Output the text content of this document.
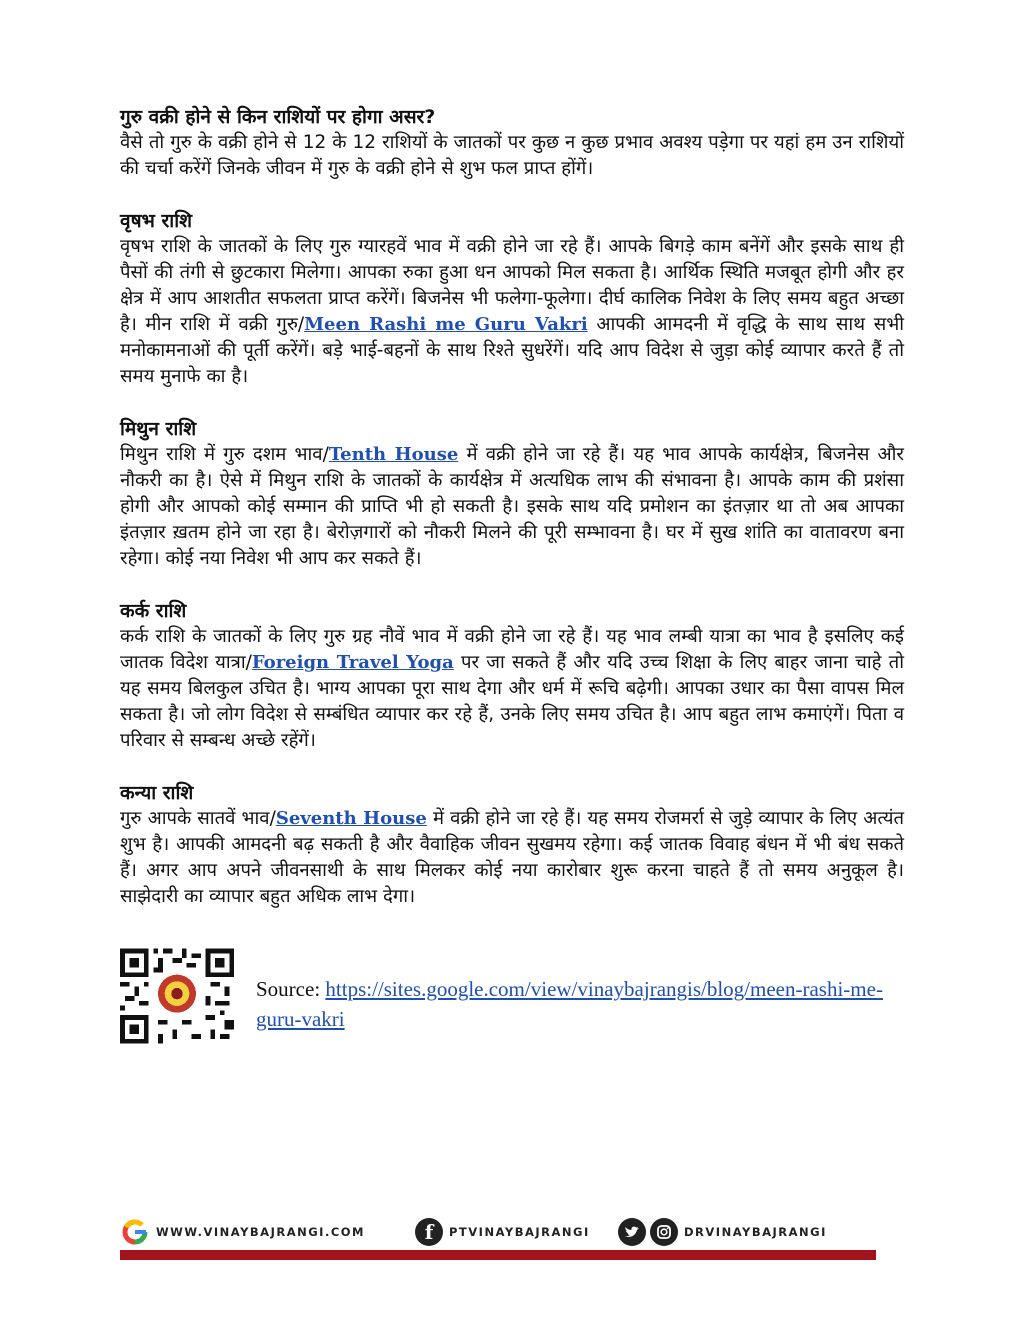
गुरु वक्री होने से किन राशियों पर होगा असर?

वैसे तो गुरु के वक्री होने से 12 के 12 राशियों के जातकों पर कुछ न कुछ प्रभाव अवश्य पड़ेगा पर यहां हम उन राशियों की चर्चा करेंगें जिनके जीवन में गुरु के वक्री होने से शुभ फल प्राप्त होंगें।

वृषभ राशि

वृषभ राशि के जातकों के लिए गुरु ग्यारहवें भाव में वक्री होने जा रहे हैं। आपके बिगड़े काम बनेंगें और इसके साथ ही पैसों की तंगी से छुटकारा मिलेगा। आपका रुका हुआ धन आपको मिल सकता है। आर्थिक स्थिति मजबूत होगी और हर क्षेत्र में आप आशतीत सफलता प्राप्त करेंगें। बिजनेस भी फलेगा-फूलेगा। दीर्घ कालिक निवेश के लिए समय बहुत अच्छा है। मीन राशि में वक्री गुरु/Meen Rashi me Guru Vakri आपकी आमदनी में वृद्धि के साथ साथ सभी मनोकामनाओं की पूर्ती करेंगें। बड़े भाई-बहनों के साथ रिश्ते सुधरेंगें। यदि आप विदेश से जुड़ा कोई व्यापार करते हैं तो समय मुनाफे का है।

मिथुन राशि

मिथुन राशि में गुरु दशम भाव/Tenth House में वक्री होने जा रहे हैं। यह भाव आपके कार्यक्षेत्र, बिजनेस और नौकरी का है। ऐसे में मिथुन राशि के जातकों के कार्यक्षेत्र में अत्यधिक लाभ की संभावना है। आपके काम की प्रशंसा होगी और आपको कोई सम्मान की प्राप्ति भी हो सकती है। इसके साथ यदि प्रमोशन का इंतज़ार था तो अब आपका इंतज़ार ख़तम होने जा रहा है। बेरोज़गारों को नौकरी मिलने की पूरी सम्भावना है। घर में सुख शांति का वातावरण बना रहेगा। कोई नया निवेश भी आप कर सकते हैं।

कर्क राशि

कर्क राशि के जातकों के लिए गुरु ग्रह नौवें भाव में वक्री होने जा रहे हैं। यह भाव लम्बी यात्रा का भाव है इसलिए कई जातक विदेश यात्रा/Foreign Travel Yoga पर जा सकते हैं और यदि उच्च शिक्षा के लिए बाहर जाना चाहे तो यह समय बिलकुल उचित है। भाग्य आपका पूरा साथ देगा और धर्म में रूचि बढ़ेगी। आपका उधार का पैसा वापस मिल सकता है। जो लोग विदेश से सम्बंधित व्यापार कर रहे हैं, उनके लिए समय उचित है। आप बहुत लाभ कमाएंगें। पिता व परिवार से सम्बन्ध अच्छे रहेंगें।

कन्या राशि

गुरु आपके सातवें भाव/Seventh House में वक्री होने जा रहे हैं। यह समय रोजमर्रा से जुड़े व्यापार के लिए अत्यंत शुभ है। आपकी आमदनी बढ़ सकती है और वैवाहिक जीवन सुखमय रहेगा। कई जातक विवाह बंधन में भी बंध सकते हैं। अगर आप अपने जीवनसाथी के साथ मिलकर कोई नया कारोबार शुरू करना चाहते हैं तो समय अनुकूल है। साझेदारी का व्यापार बहुत अधिक लाभ देगा।

Source: https://sites.google.com/view/vinaybajrangis/blog/meen-rashi-me-guru-vakri
WWW.VINAYBAJRANGI.COM	f	PTVINAYBAJRANGI	DRVINAYBAJRANGI
